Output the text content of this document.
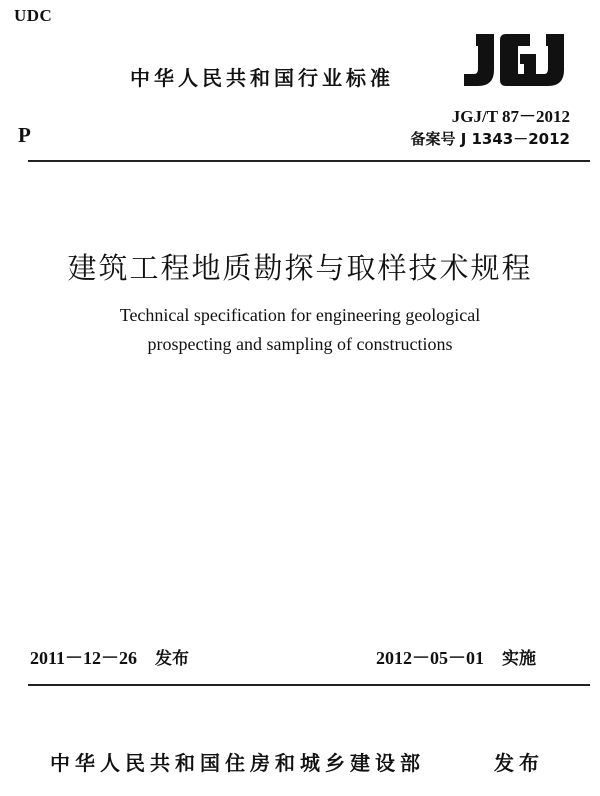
UDC
中华人民共和国行业标准
P
JGJ/T 87－2012
备案号 J 1343－2012
建筑工程地质勘探与取样技术规程
Technical specification for engineering geological
prospecting and sampling of constructions
2011－12－26 发布	2012－05－01 实施
中华人民共和国住房和城乡建设部	发布
